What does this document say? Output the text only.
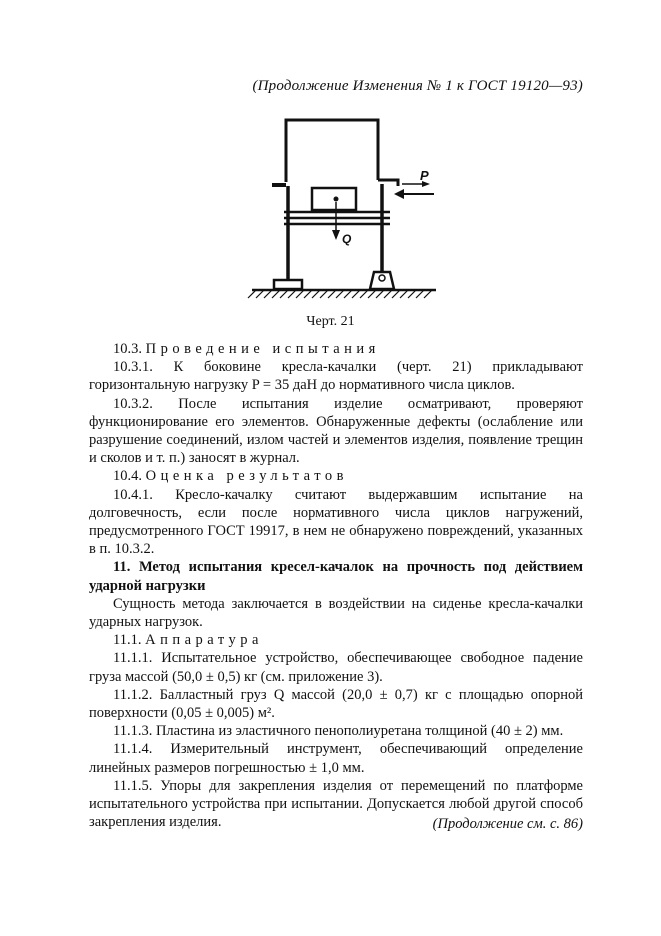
(Продолжение Изменения № 1 к ГОСТ 19120—93)
Q
P
Черт. 21

10.3. Проведение испытания

10.3.1. К боковине кресла-качалки (черт. 21) прикладывают горизонтальную нагрузку P = 35 даН до нормативного числа циклов.

10.3.2. После испытания изделие осматривают, проверяют функционирование его элементов. Обнаруженные дефекты (ослабление или разрушение соединений, излом частей и элементов изделия, появление трещин и сколов и т. п.) заносят в журнал.

10.4. Оценка результатов

10.4.1. Кресло-качалку считают выдержавшим испытание на долговечность, если после нормативного числа циклов нагружений, предусмотренного ГОСТ 19917, в нем не обнаружено повреждений, указанных в п. 10.3.2.

11. Метод испытания кресел-качалок на прочность под действием ударной нагрузки

Сущность метода заключается в воздействии на сиденье кресла-качалки ударных нагрузок.

11.1. Аппаратура

11.1.1. Испытательное устройство, обеспечивающее свободное падение груза массой (50,0 ± 0,5) кг (см. приложение 3).

11.1.2. Балластный груз Q массой (20,0 ± 0,7) кг с площадью опорной поверхности (0,05 ± 0,005) м².

11.1.3. Пластина из эластичного пенополиуретана толщиной (40 ± 2) мм.

11.1.4. Измерительный инструмент, обеспечивающий определение линейных размеров погрешностью ± 1,0 мм.

11.1.5. Упоры для закрепления изделия от перемещений по платформе испытательного устройства при испытании. Допускается любой другой способ закрепления изделия.	(Продолжение см. с. 86)
